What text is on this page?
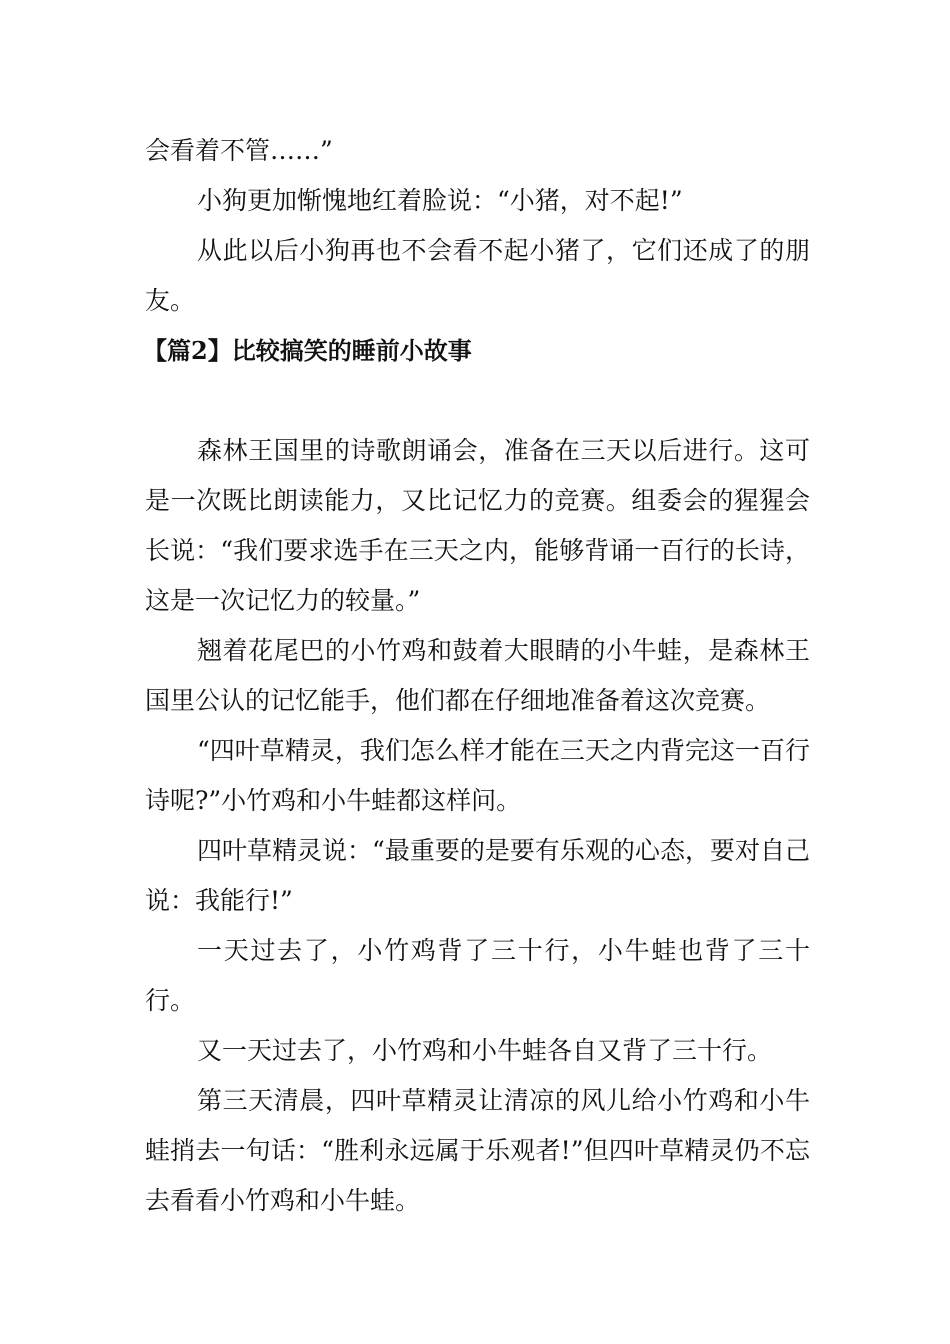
会看着不管……”

小狗更加惭愧地红着脸说：“小猪，对不起!”

从此以后小狗再也不会看不起小猪了，它们还成了的朋友。

【篇2】比较搞笑的睡前小故事

森林王国里的诗歌朗诵会，准备在三天以后进行。这可是一次既比朗读能力，又比记忆力的竞赛。组委会的猩猩会长说：“我们要求选手在三天之内，能够背诵一百行的长诗，这是一次记忆力的较量。”

翘着花尾巴的小竹鸡和鼓着大眼睛的小牛蛙，是森林王国里公认的记忆能手，他们都在仔细地准备着这次竞赛。

“四叶草精灵，我们怎么样才能在三天之内背完这一百行诗呢?”小竹鸡和小牛蛙都这样问。

四叶草精灵说：“最重要的是要有乐观的心态，要对自己说：我能行!”

一天过去了，小竹鸡背了三十行，小牛蛙也背了三十行。

又一天过去了，小竹鸡和小牛蛙各自又背了三十行。

第三天清晨，四叶草精灵让清凉的风儿给小竹鸡和小牛蛙捎去一句话：“胜利永远属于乐观者!”但四叶草精灵仍不忘去看看小竹鸡和小牛蛙。
